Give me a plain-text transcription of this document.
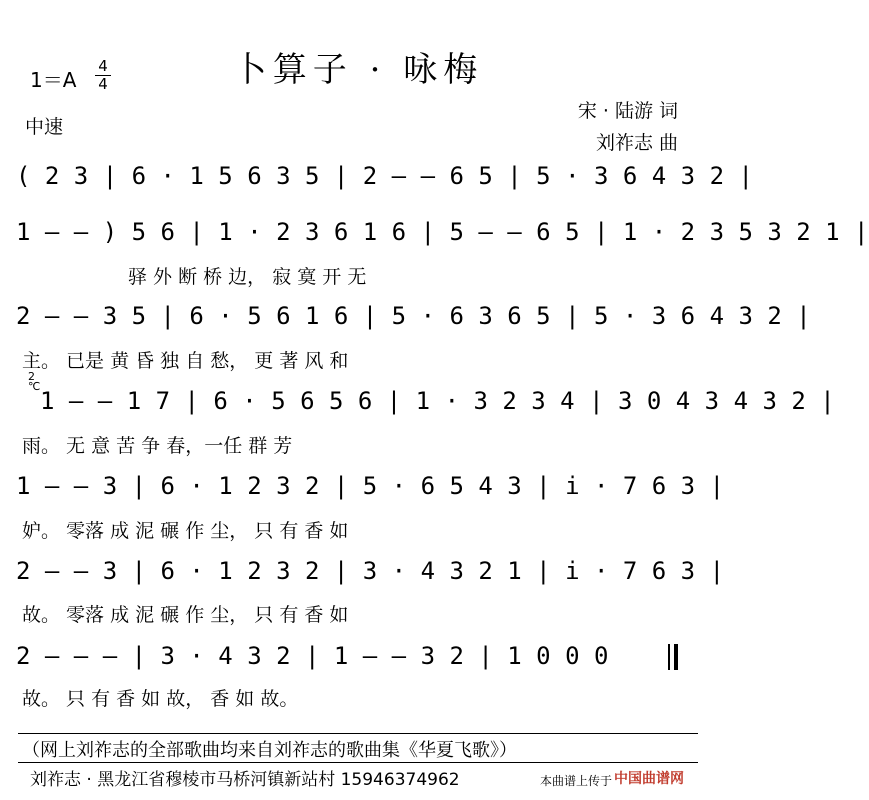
1＝A
4
4
中速
卜算子 · 咏梅
宋 · 陆游 词
刘祚志 曲
( 2 3 | 6 · 1 5 6 3 5 | 2 — — 6 5 | 5 · 3 6 4 3 2 |
1 — — ) 5 6 | 1 · 2 3 6 1 6 | 5 — — 6 5 | 1 · 2 3 5 3 2 1 |
驿 外 断 桥 边， 寂 寞 开 无
2 — — 3 5 | 6 · 5 6 1 6 | 5 · 6 3 6 5 | 5 · 3 6 4 3 2 |
主。 已是 黄 昏 独 自 愁， 更 著 风 和
2
℃
1 — — 1 7 | 6 · 5 6 5 6 | 1 · 3 2 3 4 | 3 0 4 3 4 3 2 |
雨。 无 意 苦 争 春，一任 群 芳
1 — — 3 | 6 · 1 2 3 2 | 5 · 6 5 4 3 | i · 7 6 3 |
妒。 零落 成 泥 碾 作 尘， 只 有 香 如
2 — — 3 | 6 · 1 2 3 2 | 3 · 4 3 2 1 | i · 7 6 3 |
故。 零落 成 泥 碾 作 尘， 只 有 香 如
2 — — — | 3 · 4 3 2 | 1 — — 3 2 | 1 0 0 0
故。 只 有 香 如 故， 香 如 故。
（网上刘祚志的全部歌曲均来自刘祚志的歌曲集《华夏飞歌》）
刘祚志 · 黑龙江省穆棱市马桥河镇新站村 15946374962	本曲谱上传于 中国曲谱网
